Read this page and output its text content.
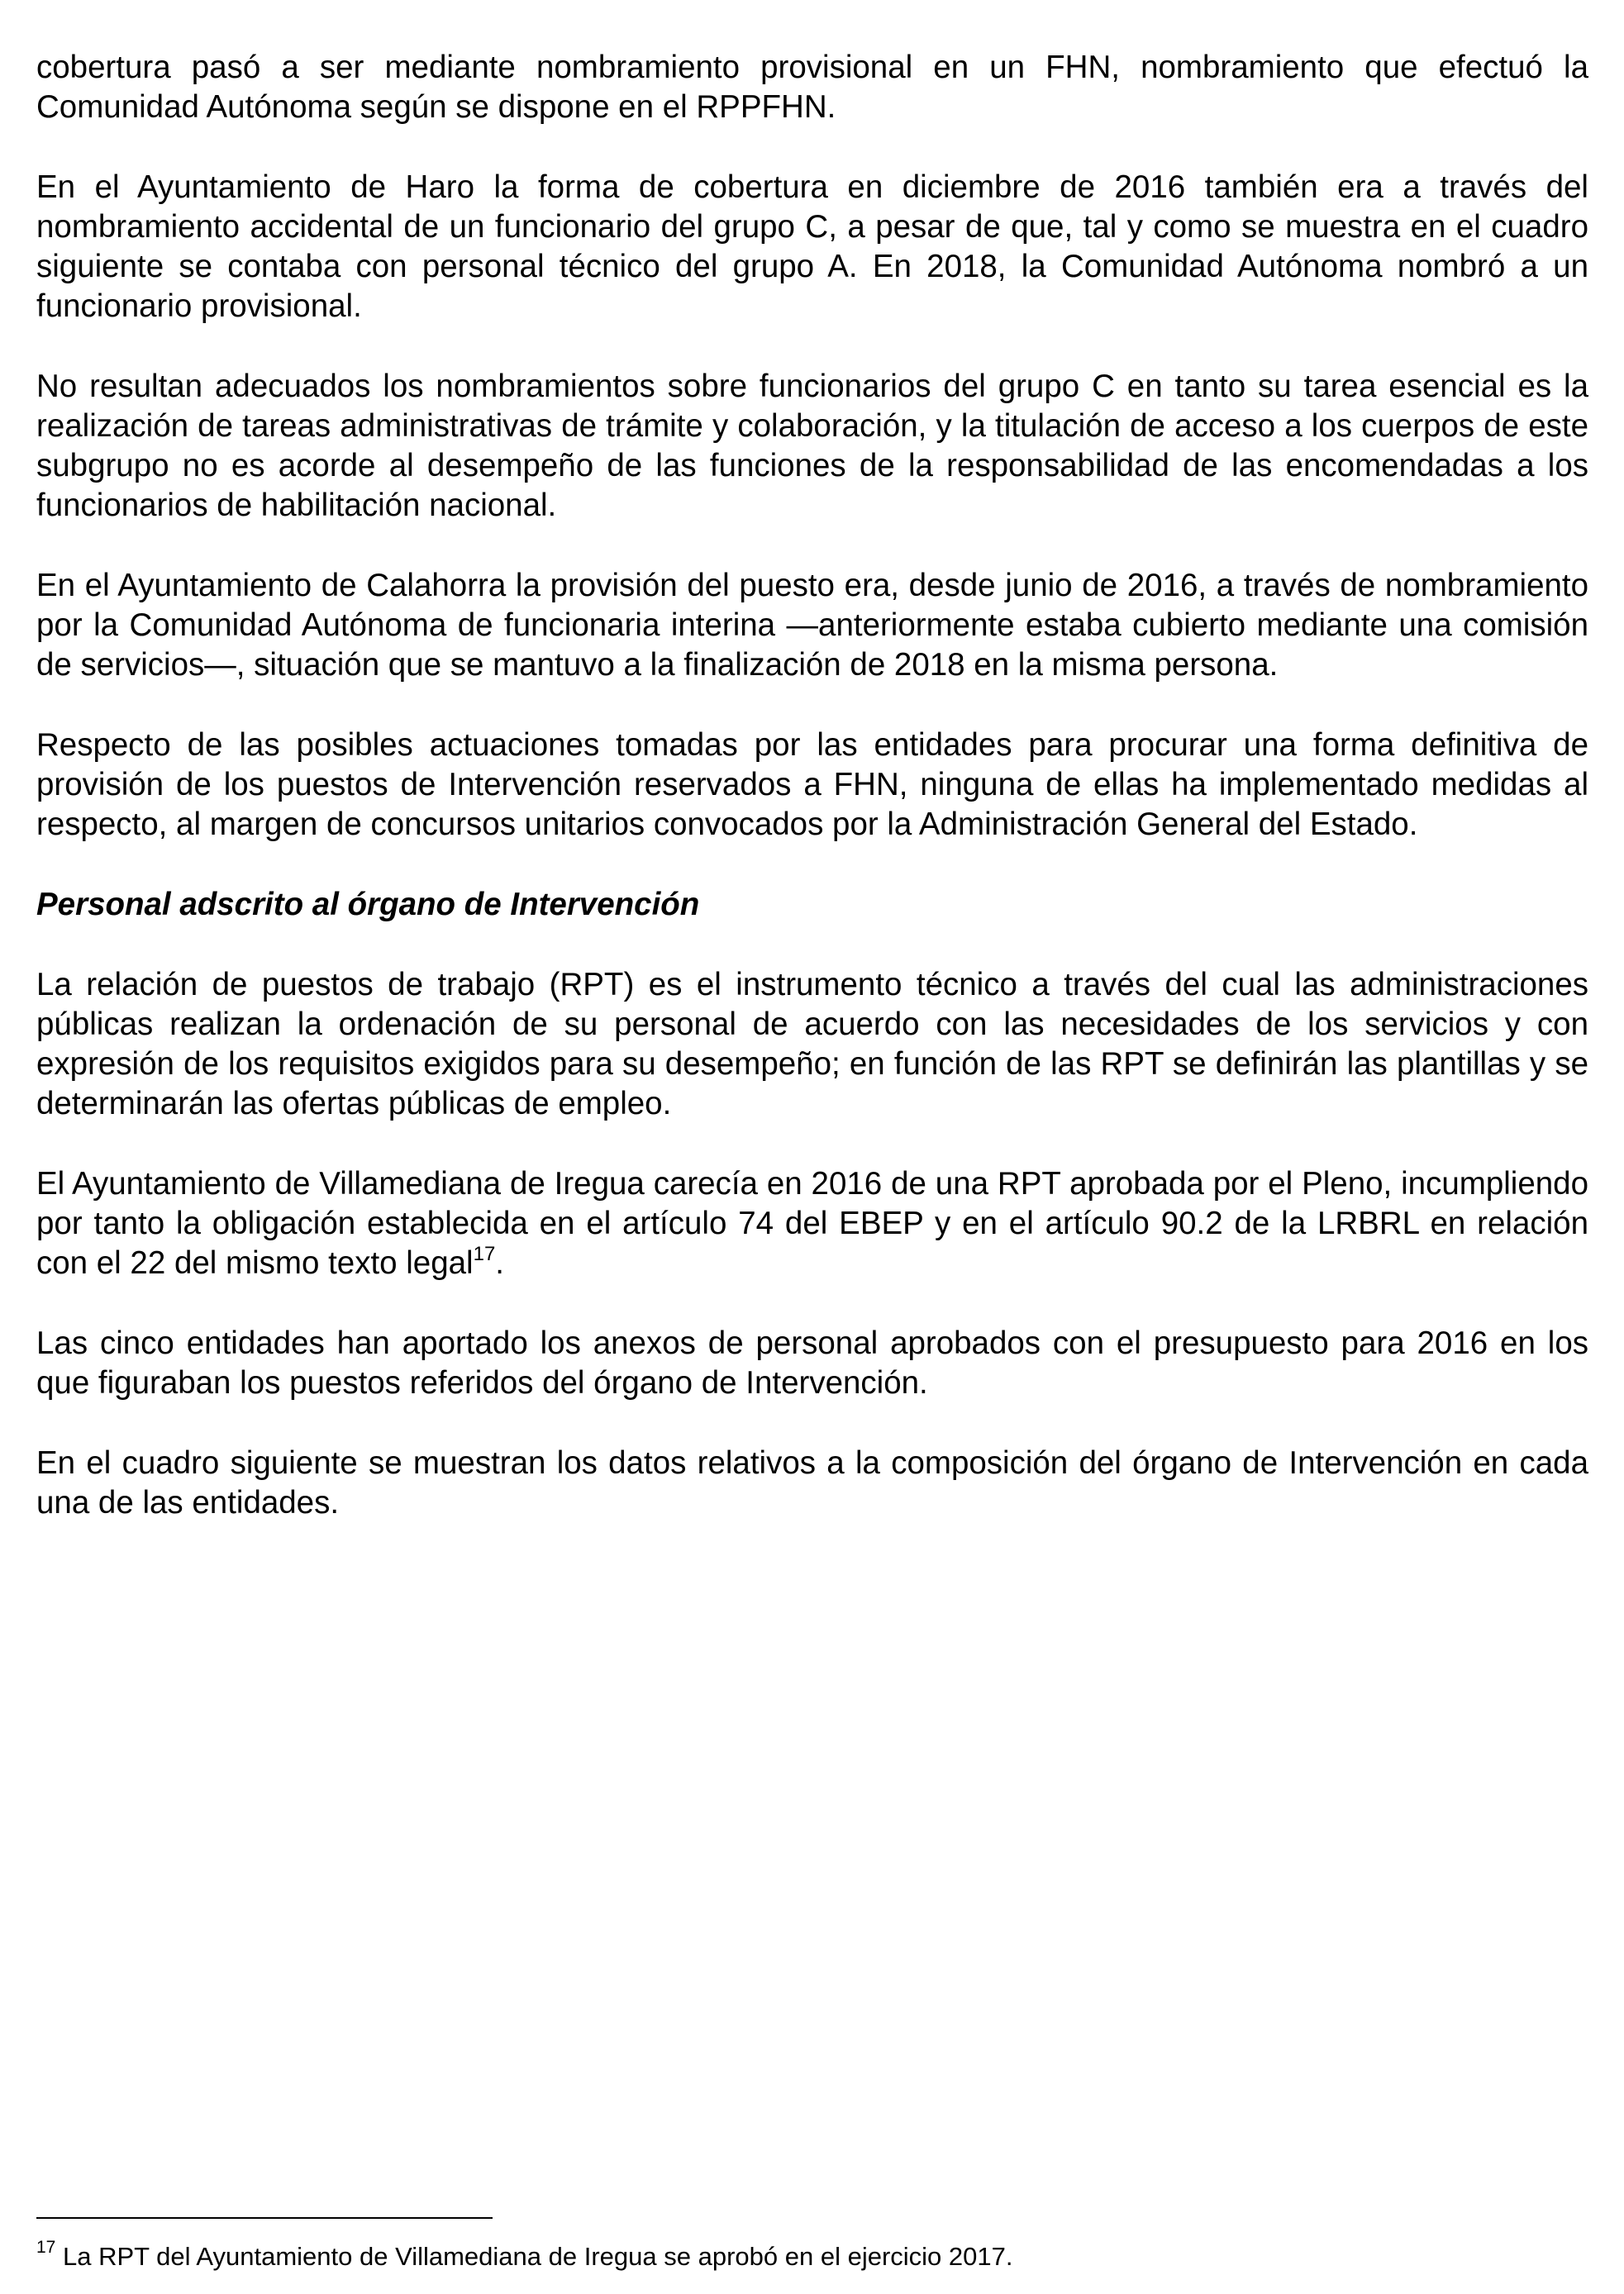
cobertura pasó a ser mediante nombramiento provisional en un FHN, nombramiento que efectuó la Comunidad Autónoma según se dispone en el RPPFHN.

En el Ayuntamiento de Haro la forma de cobertura en diciembre de 2016 también era a través del nombramiento accidental de un funcionario del grupo C, a pesar de que, tal y como se muestra en el cuadro siguiente se contaba con personal técnico del grupo A. En 2018, la Comunidad Autónoma nombró a un funcionario provisional.

No resultan adecuados los nombramientos sobre funcionarios del grupo C en tanto su tarea esencial es la realización de tareas administrativas de trámite y colaboración, y la titulación de acceso a los cuerpos de este subgrupo no es acorde al desempeño de las funciones de la responsabilidad de las encomendadas a los funcionarios de habilitación nacional.

En el Ayuntamiento de Calahorra la provisión del puesto era, desde junio de 2016, a través de nombramiento por la Comunidad Autónoma de funcionaria interina —anteriormente estaba cubierto mediante una comisión de servicios—, situación que se mantuvo a la finalización de 2018 en la misma persona.

Respecto de las posibles actuaciones tomadas por las entidades para procurar una forma definitiva de provisión de los puestos de Intervención reservados a FHN, ninguna de ellas ha implementado medidas al respecto, al margen de concursos unitarios convocados por la Administración General del Estado.

Personal adscrito al órgano de Intervención

La relación de puestos de trabajo (RPT) es el instrumento técnico a través del cual las administraciones públicas realizan la ordenación de su personal de acuerdo con las necesidades de los servicios y con expresión de los requisitos exigidos para su desempeño; en función de las RPT se definirán las plantillas y se determinarán las ofertas públicas de empleo.

El Ayuntamiento de Villamediana de Iregua carecía en 2016 de una RPT aprobada por el Pleno, incumpliendo por tanto la obligación establecida en el artículo 74 del EBEP y en el artículo 90.2 de la LRBRL en relación con el 22 del mismo texto legal$^{17}$.

Las cinco entidades han aportado los anexos de personal aprobados con el presupuesto para 2016 en los que figuraban los puestos referidos del órgano de Intervención.

En el cuadro siguiente se muestran los datos relativos a la composición del órgano de Intervención en cada una de las entidades.

$^{17}$ La RPT del Ayuntamiento de Villamediana de Iregua se aprobó en el ejercicio 2017.
